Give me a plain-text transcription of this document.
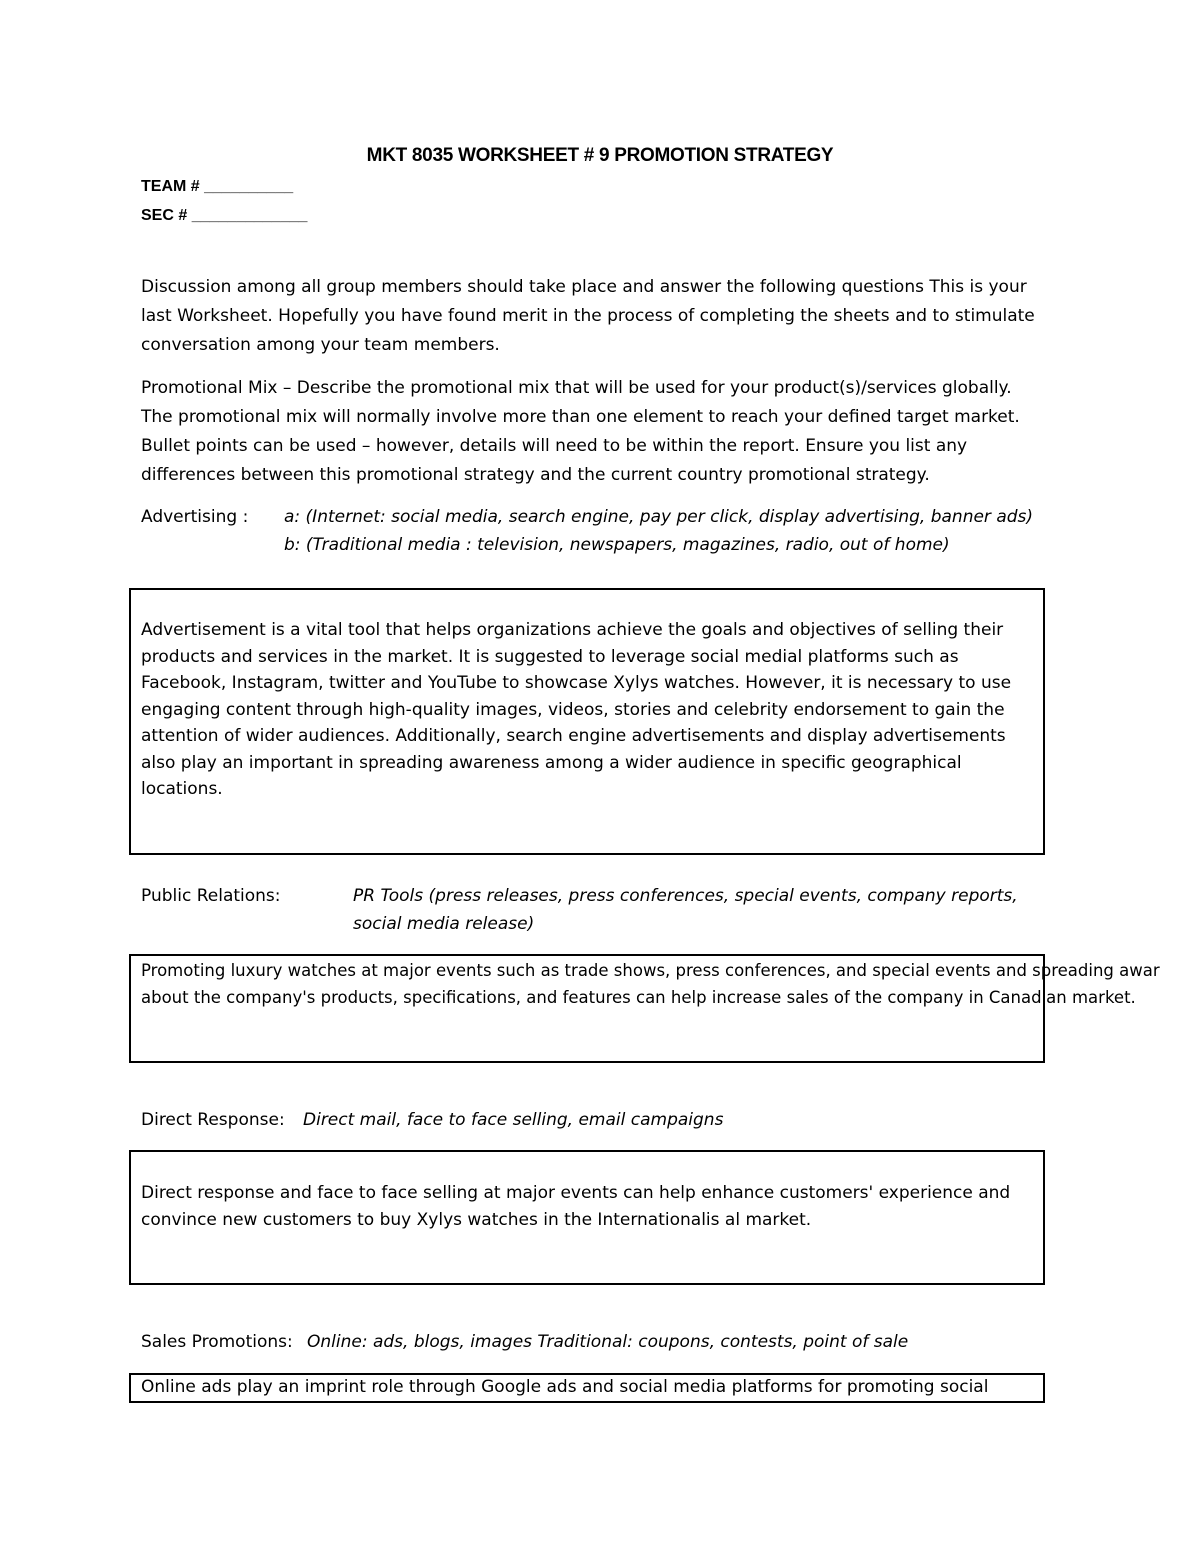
MKT 8035 WORKSHEET # 9 PROMOTION STRATEGY
TEAM # __________
SEC # _____________
Discussion among all group members should take place and answer the following questions This is your
last Worksheet. Hopefully you have found merit in the process of completing the sheets and to stimulate
conversation among your team members.
Promotional Mix – Describe the promotional mix that will be used for your product(s)/services globally.
The promotional mix will normally involve more than one element to reach your defined target market.
Bullet points can be used – however, details will need to be within the report. Ensure you list any
differences between this promotional strategy and the current country promotional strategy.
Advertising : a: (Internet: social media, search engine, pay per click, display advertising, banner ads)
b: (Traditional media : television, newspapers, magazines, radio, out of home)
Advertisement is a vital tool that helps organizations achieve the goals and objectives of selling their
products and services in the market. It is suggested to leverage social medial platforms such as
Facebook, Instagram, twitter and YouTube to showcase Xylys watches. However, it is necessary to use
engaging content through high-quality images, videos, stories and celebrity endorsement to gain the
attention of wider audiences. Additionally, search engine advertisements and display advertisements
also play an important in spreading awareness among a wider audience in specific geographical
locations.
Public Relations:	PR Tools (press releases, press conferences, special events, company reports,
social media release)
Promoting luxury watches at major events such as trade shows, press conferences, and special events and spreading awar
about the company's products, specifications, and features can help increase sales of the company in Canadian market.
Direct Response: Direct mail, face to face selling, email campaigns
Direct response and face to face selling at major events can help enhance customers' experience and
convince new customers to buy Xylys watches in the Internationalis al market.
Sales Promotions: Online: ads, blogs, images Traditional: coupons, contests, point of sale
Online ads play an imprint role through Google ads and social media platforms for promoting social
